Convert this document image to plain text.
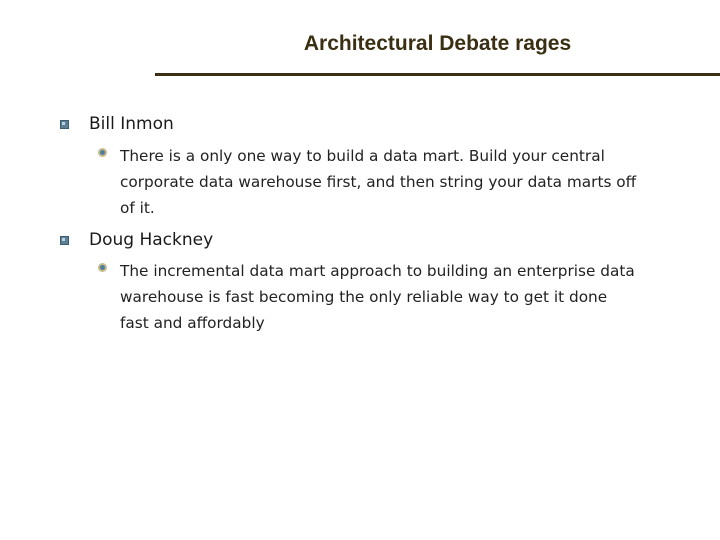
Architectural Debate rages
Bill Inmon
There is a only one way to build a data mart. Build your central
corporate data warehouse first, and then string your data marts off
of it.
Doug Hackney
The incremental data mart approach to building an enterprise data
warehouse is fast becoming the only reliable way to get it done
fast and affordably
